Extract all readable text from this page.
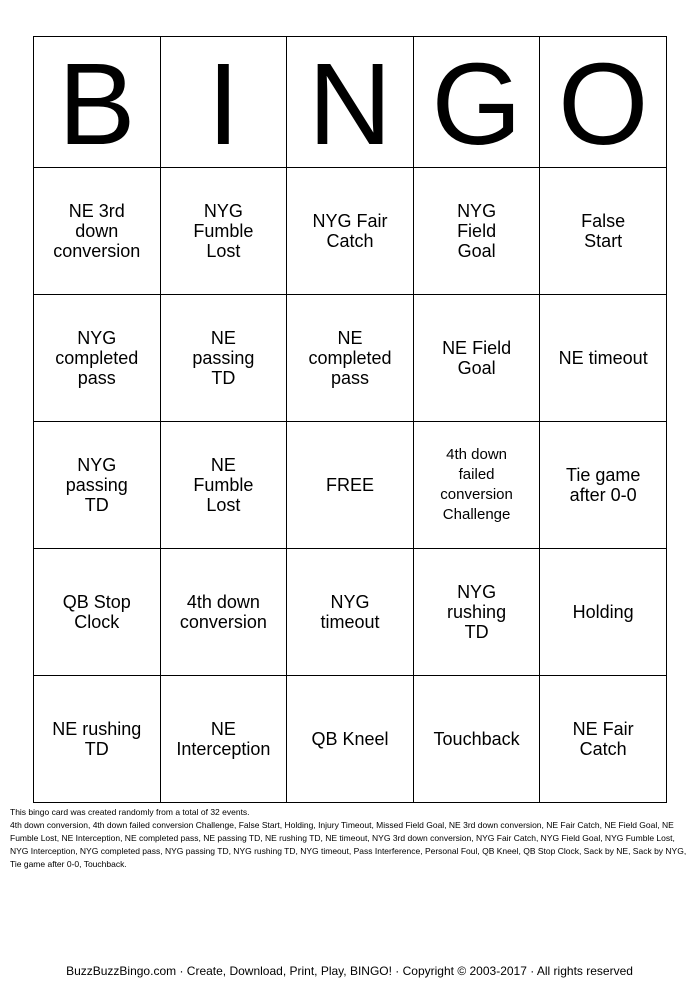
B	I	N	G	O

NE 3rd down conversion	NYG Fumble Lost	NYG Fair Catch	NYG Field Goal	False Start

NYG completed pass	NE passing TD	NE completed pass	NE Field Goal	NE timeout

NYG passing TD	NE Fumble Lost	FREE	4th down failed conversion Challenge	Tie game after 0-0

QB Stop Clock	4th down conversion	NYG timeout	NYG rushing TD	Holding

NE rushing TD	NE Interception	QB Kneel	Touchback	NE Fair Catch

This bingo card was created randomly from a total of 32 events.

4th down conversion, 4th down failed conversion Challenge, False Start, Holding, Injury Timeout, Missed Field Goal, NE 3rd down conversion, NE Fair Catch, NE Field Goal, NE Fumble Lost, NE Interception, NE completed pass, NE passing TD, NE rushing TD, NE timeout, NYG 3rd down conversion, NYG Fair Catch, NYG Field Goal, NYG Fumble Lost, NYG Interception, NYG completed pass, NYG passing TD, NYG rushing TD, NYG timeout, Pass Interference, Personal Foul, QB Kneel, QB Stop Clock, Sack by NE, Sack by NYG, Tie game after 0-0, Touchback.

BuzzBuzzBingo.com · Create, Download, Print, Play, BINGO! · Copyright © 2003-2017 · All rights reserved
